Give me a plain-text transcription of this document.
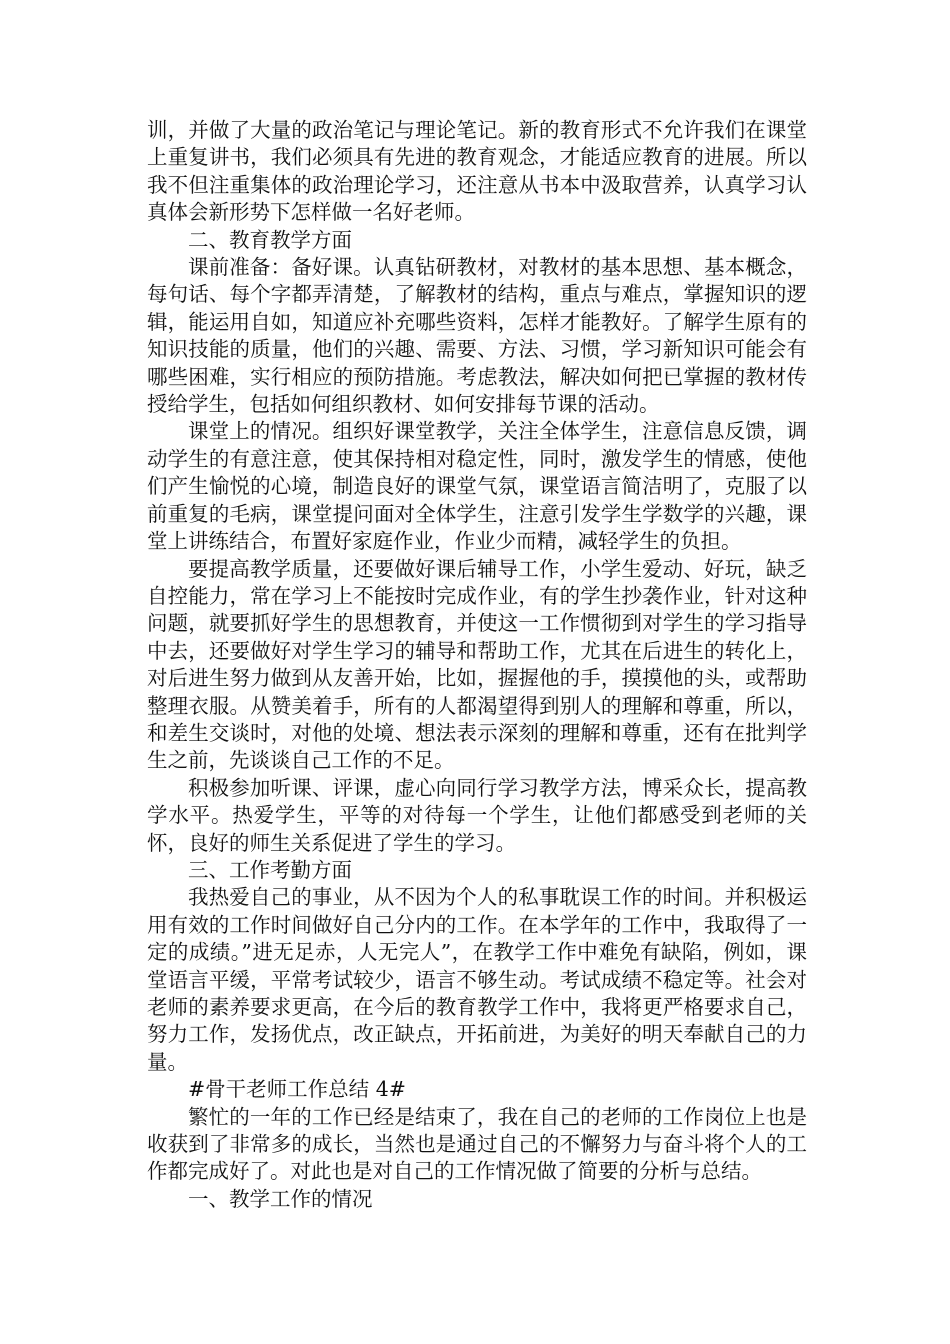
训，并做了大量的政治笔记与理论笔记。新的教育形式不允许我们在课堂上重复讲书，我们必须具有先进的教育观念，才能适应教育的进展。所以我不但注重集体的政治理论学习，还注意从书本中汲取营养，认真学习认真体会新形势下怎样做一名好老师。

二、教育教学方面

课前准备：备好课。认真钻研教材，对教材的基本思想、基本概念，每句话、每个字都弄清楚，了解教材的结构，重点与难点，掌握知识的逻辑，能运用自如，知道应补充哪些资料，怎样才能教好。了解学生原有的知识技能的质量，他们的兴趣、需要、方法、习惯，学习新知识可能会有哪些困难，实行相应的预防措施。考虑教法，解决如何把已掌握的教材传授给学生，包括如何组织教材、如何安排每节课的活动。

课堂上的情况。组织好课堂教学，关注全体学生，注意信息反馈，调动学生的有意注意，使其保持相对稳定性，同时，激发学生的情感，使他们产生愉悦的心境，制造良好的课堂气氛，课堂语言简洁明了，克服了以前重复的毛病，课堂提问面对全体学生，注意引发学生学数学的兴趣，课堂上讲练结合，布置好家庭作业，作业少而精，减轻学生的负担。

要提高教学质量，还要做好课后辅导工作，小学生爱动、好玩，缺乏自控能力，常在学习上不能按时完成作业，有的学生抄袭作业，针对这种问题，就要抓好学生的思想教育，并使这一工作惯彻到对学生的学习指导中去，还要做好对学生学习的辅导和帮助工作，尤其在后进生的转化上，对后进生努力做到从友善开始，比如，握握他的手，摸摸他的头，或帮助整理衣服。从赞美着手，所有的人都渴望得到别人的理解和尊重，所以，和差生交谈时，对他的处境、想法表示深刻的理解和尊重，还有在批判学生之前，先谈谈自己工作的不足。

积极参加听课、评课，虚心向同行学习教学方法，博采众长，提高教学水平。热爱学生，平等的对待每一个学生，让他们都感受到老师的关怀，良好的师生关系促进了学生的学习。

三、工作考勤方面

我热爱自己的事业，从不因为个人的私事耽误工作的时间。并积极运用有效的工作时间做好自己分内的工作。在本学年的工作中，我取得了一定的成绩。”进无足赤，人无完人”，在教学工作中难免有缺陷，例如，课堂语言平缓，平常考试较少，语言不够生动。考试成绩不稳定等。社会对老师的素养要求更高，在今后的教育教学工作中，我将更严格要求自己，努力工作，发扬优点，改正缺点，开拓前进，为美好的明天奉献自己的力量。

#骨干老师工作总结 4#

繁忙的一年的工作已经是结束了，我在自己的老师的工作岗位上也是收获到了非常多的成长，当然也是通过自己的不懈努力与奋斗将个人的工作都完成好了。对此也是对自己的工作情况做了简要的分析与总结。

一、教学工作的情况
